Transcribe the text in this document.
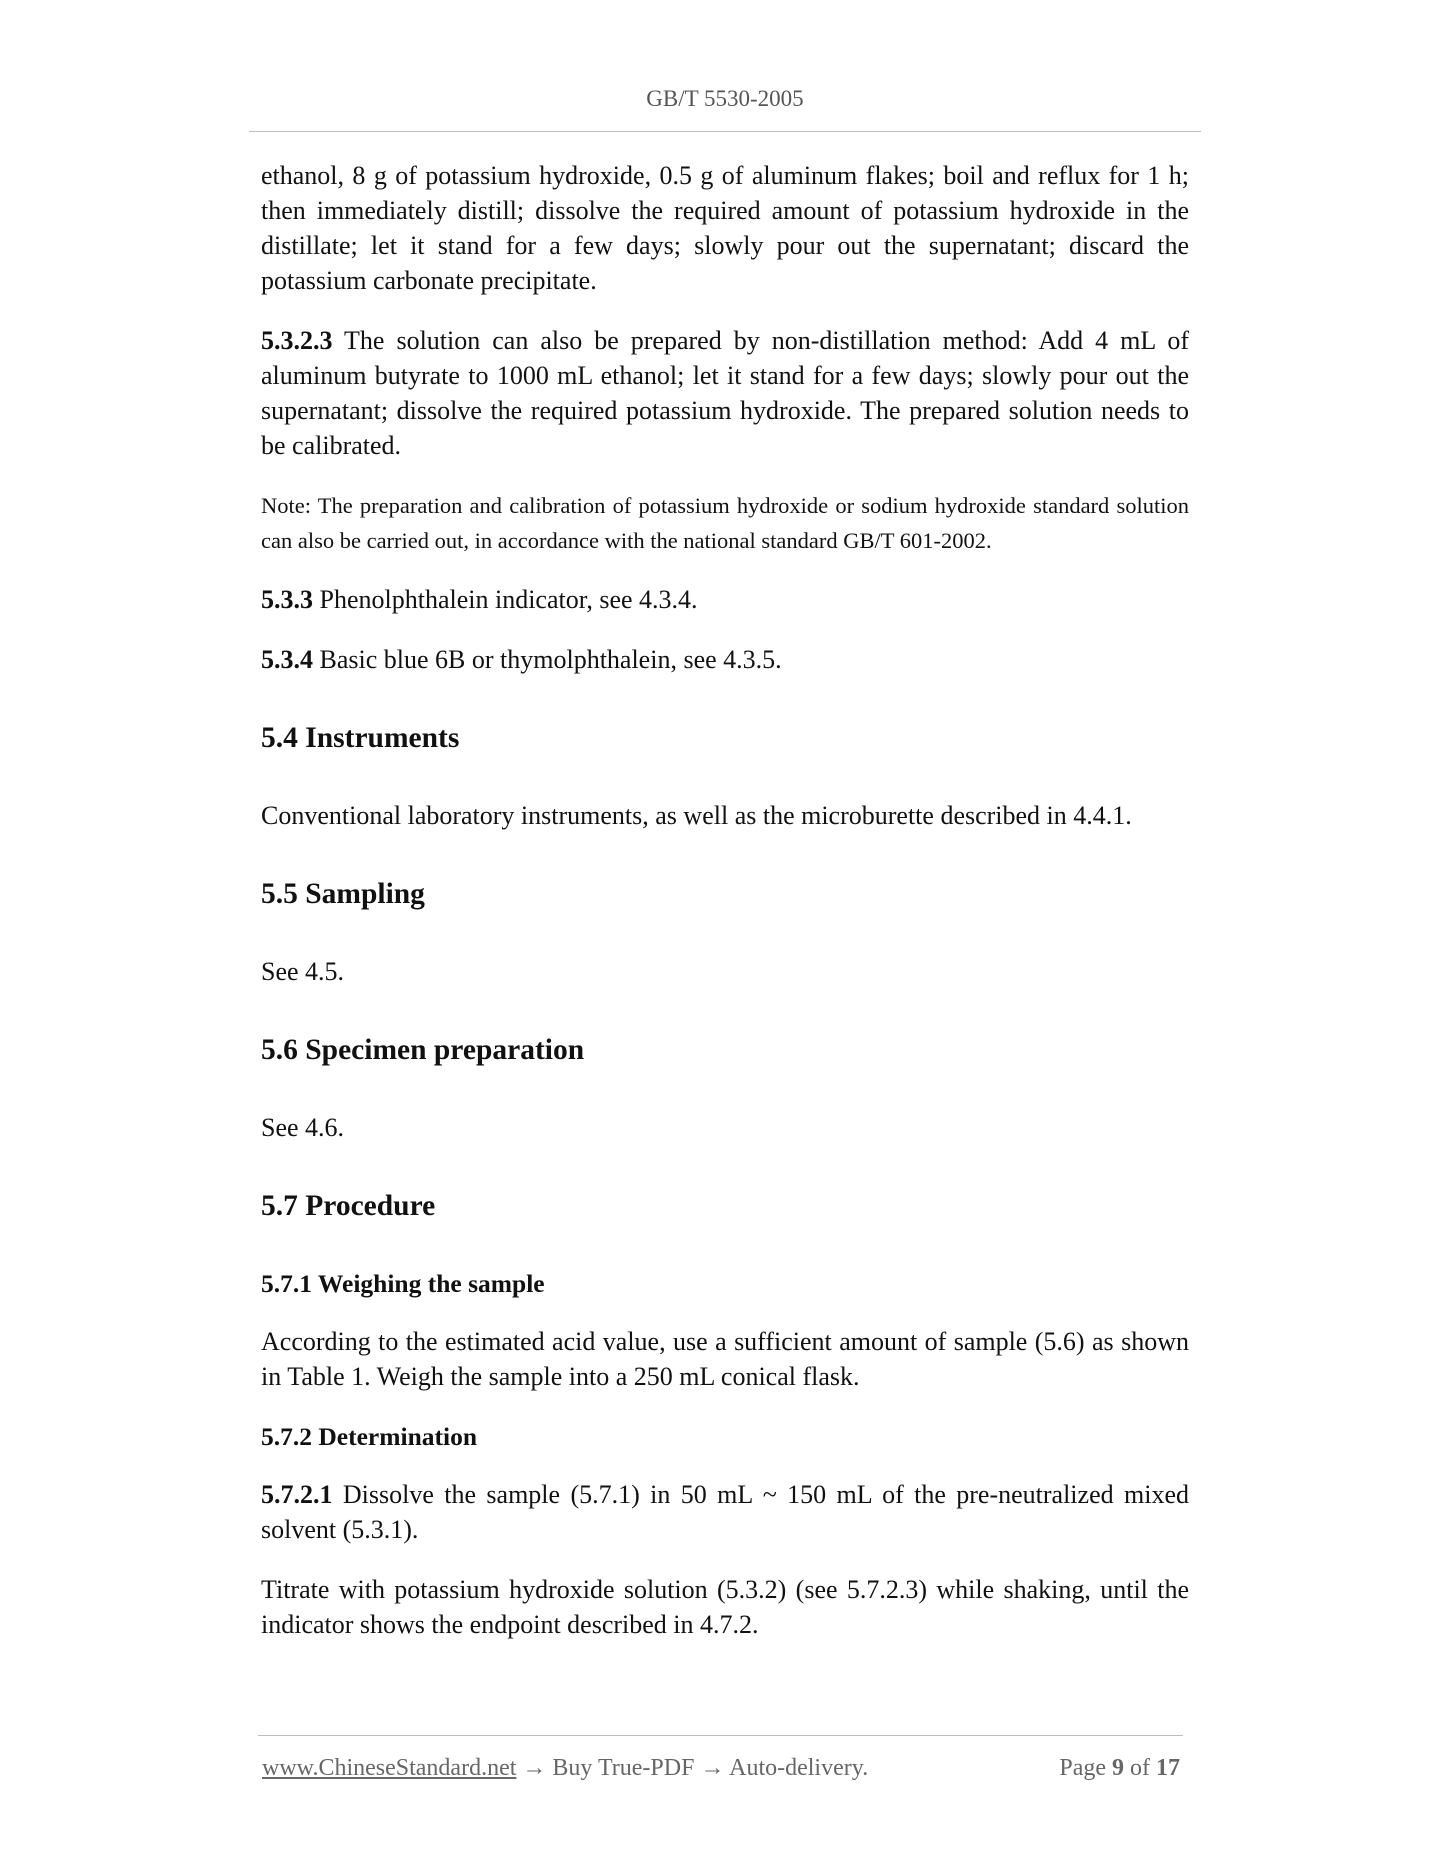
GB/T 5530-2005

ethanol, 8 g of potassium hydroxide, 0.5 g of aluminum flakes; boil and reflux for 1 h; then immediately distill; dissolve the required amount of potassium hydroxide in the distillate; let it stand for a few days; slowly pour out the supernatant; discard the potassium carbonate precipitate.

5.3.2.3 The solution can also be prepared by non-distillation method: Add 4 mL of aluminum butyrate to 1000 mL ethanol; let it stand for a few days; slowly pour out the supernatant; dissolve the required potassium hydroxide. The prepared solution needs to be calibrated.

Note: The preparation and calibration of potassium hydroxide or sodium hydroxide standard solution can also be carried out, in accordance with the national standard GB/T 601-2002.

5.3.3 Phenolphthalein indicator, see 4.3.4.

5.3.4 Basic blue 6B or thymolphthalein, see 4.3.5.

5.4 Instruments

Conventional laboratory instruments, as well as the microburette described in 4.4.1.

5.5 Sampling

See 4.5.

5.6 Specimen preparation

See 4.6.

5.7 Procedure
5.7.1 Weighing the sample

According to the estimated acid value, use a sufficient amount of sample (5.6) as shown in Table 1. Weigh the sample into a 250 mL conical flask.

5.7.2 Determination

5.7.2.1 Dissolve the sample (5.7.1) in 50 mL ~ 150 mL of the pre-neutralized mixed solvent (5.3.1).

Titrate with potassium hydroxide solution (5.3.2) (see 5.7.2.3) while shaking, until the indicator shows the endpoint described in 4.7.2.

www.ChineseStandard.net → Buy True-PDF → Auto-delivery.	Page 9 of 17
